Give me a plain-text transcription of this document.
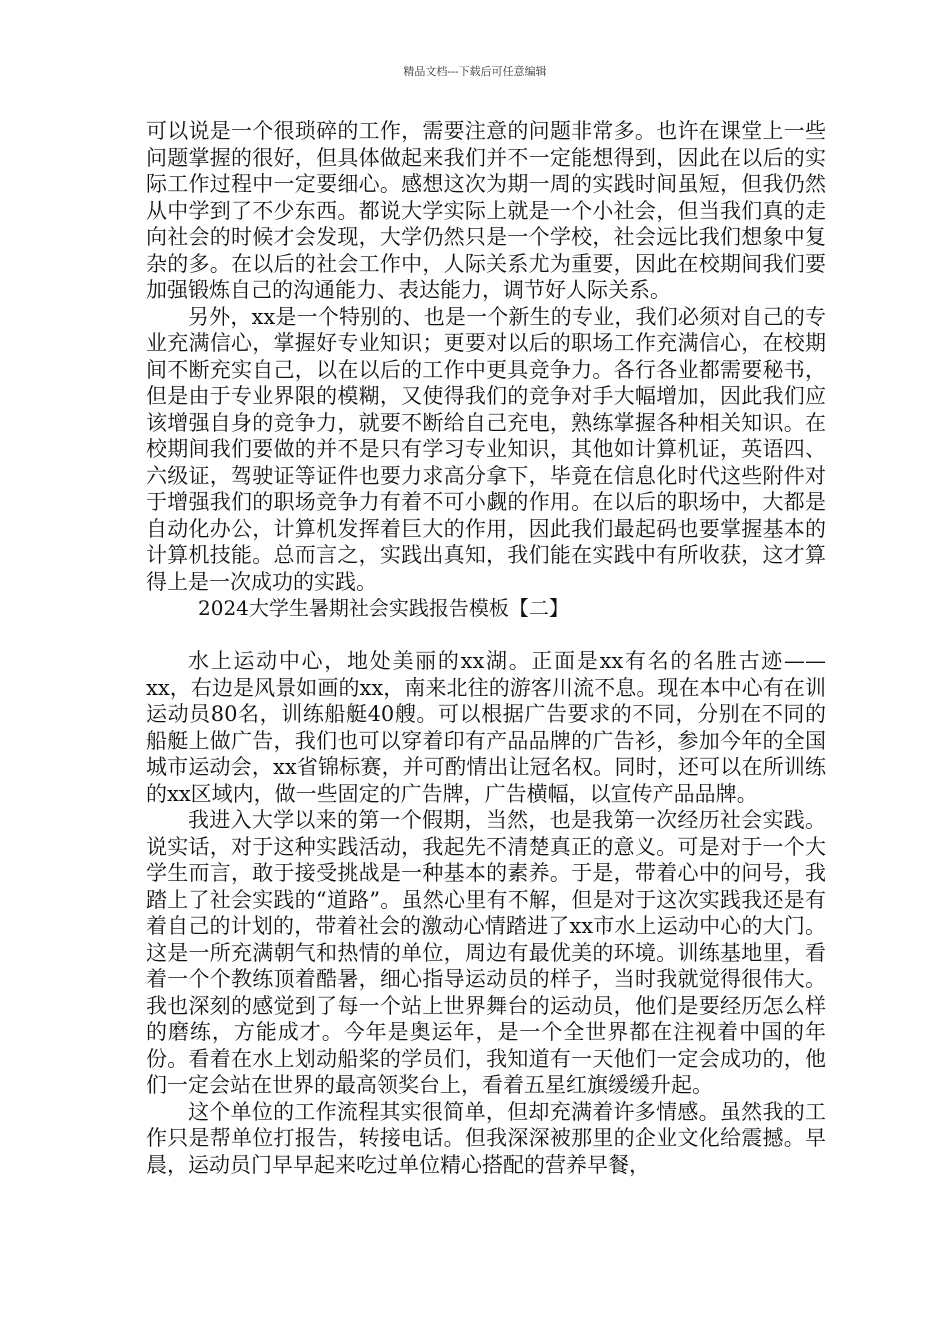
精品文档---下载后可任意编辑

可以说是一个很琐碎的工作，需要注意的问题非常多。也许在课堂上一些问题掌握的很好，但具体做起来我们并不一定能想得到，因此在以后的实际工作过程中一定要细心。感想这次为期一周的实践时间虽短，但我仍然从中学到了不少东西。都说大学实际上就是一个小社会，但当我们真的走向社会的时候才会发现，大学仍然只是一个学校，社会远比我们想象中复杂的多。在以后的社会工作中，人际关系尤为重要，因此在校期间我们要加强锻炼自己的沟通能力、表达能力，调节好人际关系。

另外，xx是一个特别的、也是一个新生的专业，我们必须对自己的专业充满信心，掌握好专业知识；更要对以后的职场工作充满信心，在校期间不断充实自己，以在以后的工作中更具竞争力。各行各业都需要秘书，但是由于专业界限的模糊，又使得我们的竞争对手大幅增加，因此我们应该增强自身的竞争力，就要不断给自己充电，熟练掌握各种相关知识。在校期间我们要做的并不是只有学习专业知识，其他如计算机证，英语四、六级证，驾驶证等证件也要力求高分拿下，毕竟在信息化时代这些附件对于增强我们的职场竞争力有着不可小觑的作用。在以后的职场中，大都是自动化办公，计算机发挥着巨大的作用，因此我们最起码也要掌握基本的计算机技能。总而言之，实践出真知，我们能在实践中有所收获，这才算得上是一次成功的实践。

2024大学生暑期社会实践报告模板【二】

水上运动中心，地处美丽的xx湖。正面是xx有名的名胜古迹——xx，右边是风景如画的xx，南来北往的游客川流不息。现在本中心有在训运动员80名，训练船艇40艘。可以根据广告要求的不同，分别在不同的船艇上做广告，我们也可以穿着印有产品品牌的广告衫，参加今年的全国城市运动会，xx省锦标赛，并可酌情出让冠名权。同时，还可以在所训练的xx区域内，做一些固定的广告牌，广告横幅，以宣传产品品牌。

我进入大学以来的第一个假期，当然，也是我第一次经历社会实践。说实话，对于这种实践活动，我起先不清楚真正的意义。可是对于一个大学生而言，敢于接受挑战是一种基本的素养。于是，带着心中的问号，我踏上了社会实践的“道路”。虽然心里有不解，但是对于这次实践我还是有着自己的计划的，带着社会的激动心情踏进了xx市水上运动中心的大门。这是一所充满朝气和热情的单位，周边有最优美的环境。训练基地里，看着一个个教练顶着酷暑，细心指导运动员的样子，当时我就觉得很伟大。我也深刻的感觉到了每一个站上世界舞台的运动员，他们是要经历怎么样的磨练，方能成才。今年是奥运年，是一个全世界都在注视着中国的年份。看着在水上划动船桨的学员们，我知道有一天他们一定会成功的，他们一定会站在世界的最高领奖台上，看着五星红旗缓缓升起。

这个单位的工作流程其实很简单，但却充满着许多情感。虽然我的工作只是帮单位打报告，转接电话。但我深深被那里的企业文化给震撼。早晨，运动员门早早起来吃过单位精心搭配的营养早餐，
